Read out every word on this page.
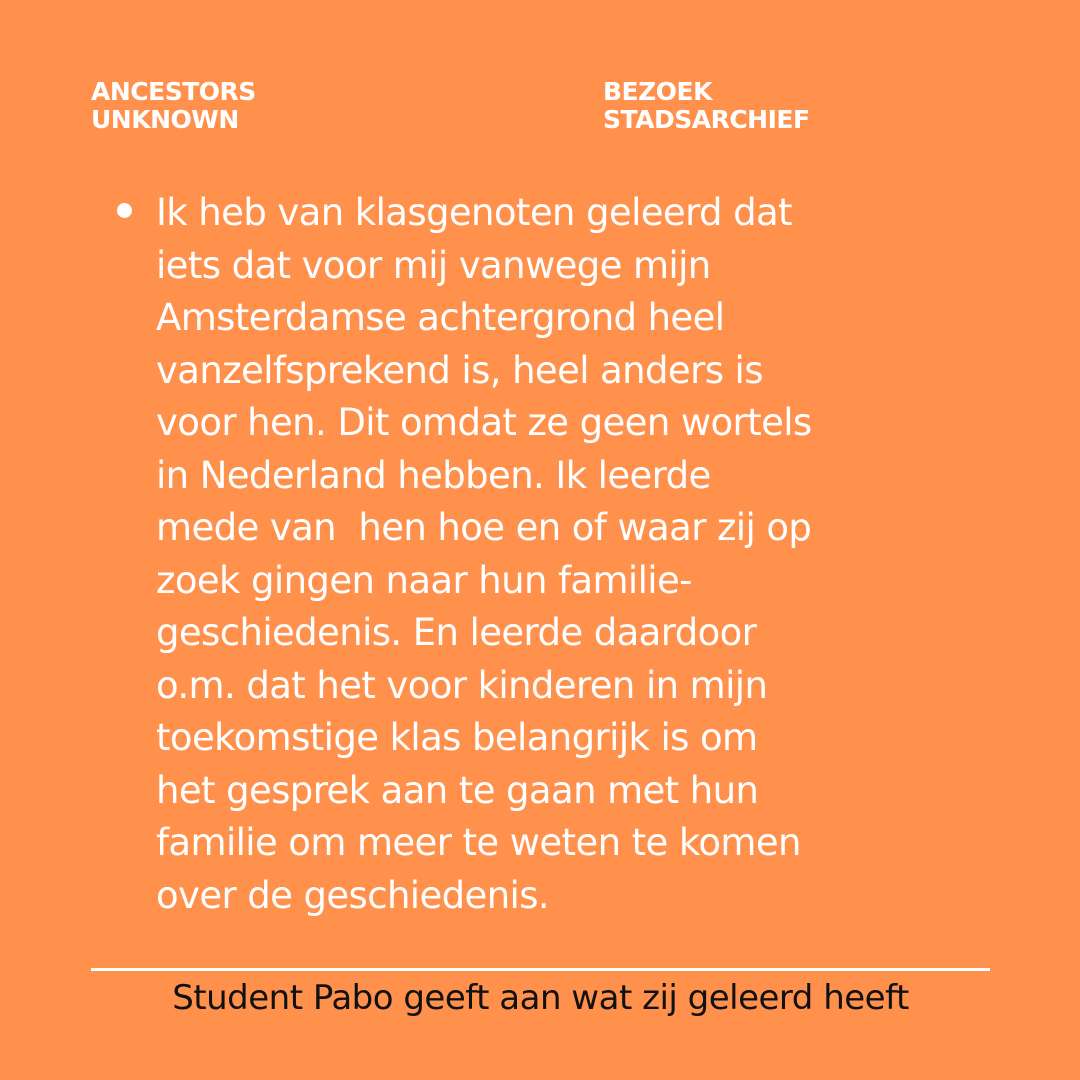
ANCESTORS
UNKNOWN
BEZOEK
STADSARCHIEF
Ik heb van klasgenoten geleerd dat
iets dat voor mij vanwege mijn
Amsterdamse achtergrond heel
vanzelfsprekend is, heel anders is
voor hen. Dit omdat ze geen wortels
in Nederland hebben. Ik leerde
mede van  hen hoe en of waar zij op
zoek gingen naar hun familie-
geschiedenis. En leerde daardoor
o.m. dat het voor kinderen in mijn
toekomstige klas belangrijk is om
het gesprek aan te gaan met hun
familie om meer te weten te komen
over de geschiedenis.
Student Pabo geeft aan wat zij geleerd heeft
